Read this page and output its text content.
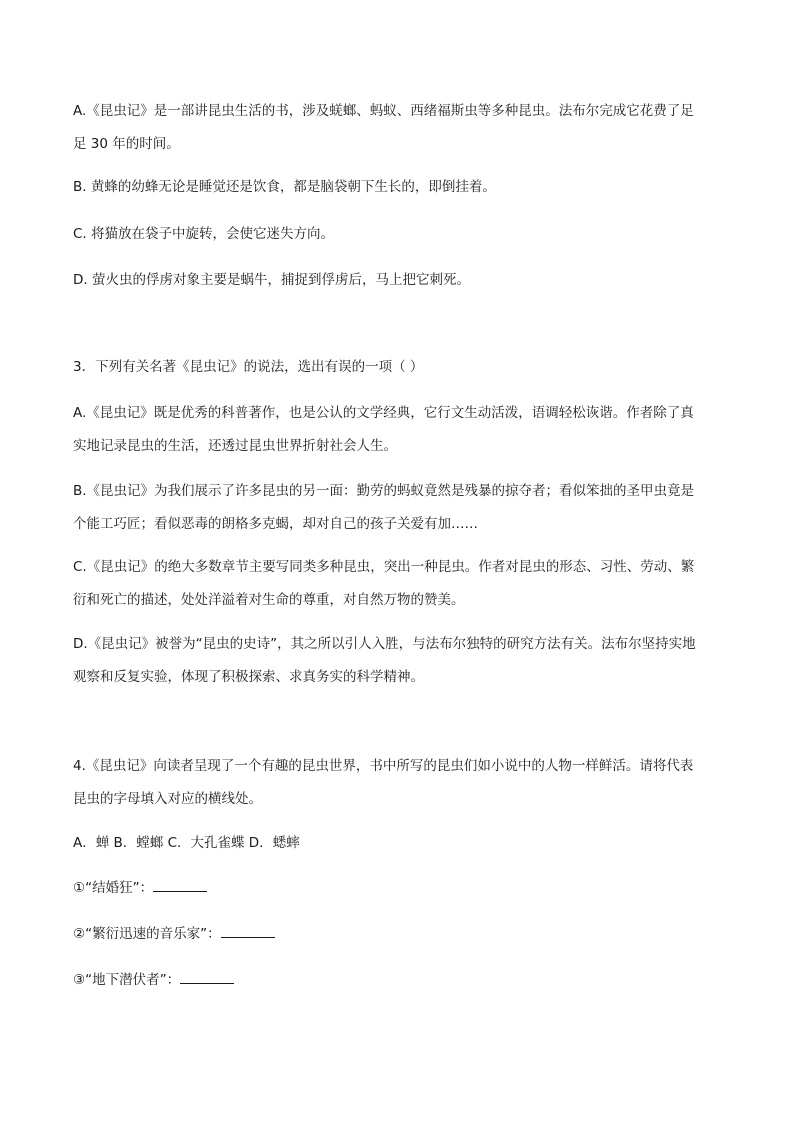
A.《昆虫记》是一部讲昆虫生活的书，涉及蜣螂、蚂蚁、西绪福斯虫等多种昆虫。法布尔完成它花费了足

足 30 年的时间。

B. 黄蜂的幼蜂无论是睡觉还是饮食，都是脑袋朝下生长的，即倒挂着。

C. 将猫放在袋子中旋转，会使它迷失方向。

D. 萤火虫的俘虏对象主要是蜗牛，捕捉到俘虏后，马上把它刺死。

3．下列有关名著《昆虫记》的说法，选出有误的一项（ ）

A.《昆虫记》既是优秀的科普著作，也是公认的文学经典，它行文生动活泼，语调轻松诙谐。作者除了真

实地记录昆虫的生活，还透过昆虫世界折射社会人生。

B.《昆虫记》为我们展示了许多昆虫的另一面：勤劳的蚂蚁竟然是残暴的掠夺者；看似笨拙的圣甲虫竟是

个能工巧匠；看似恶毒的朗格多克蝎，却对自己的孩子关爱有加……

C.《昆虫记》的绝大多数章节主要写同类多种昆虫，突出一种昆虫。作者对昆虫的形态、习性、劳动、繁

衍和死亡的描述，处处洋溢着对生命的尊重，对自然万物的赞美。

D.《昆虫记》被誉为“昆虫的史诗”，其之所以引人入胜，与法布尔独特的研究方法有关。法布尔坚持实地

观察和反复实验，体现了积极探索、求真务实的科学精神。

4.《昆虫记》向读者呈现了一个有趣的昆虫世界，书中所写的昆虫们如小说中的人物一样鲜活。请将代表

昆虫的字母填入对应的横线处。

A．蝉 B．螳螂 C．大孔雀蝶 D．蟋蟀

①“结婚狂”：

②“繁衍迅速的音乐家”：

③“地下潜伏者”：
